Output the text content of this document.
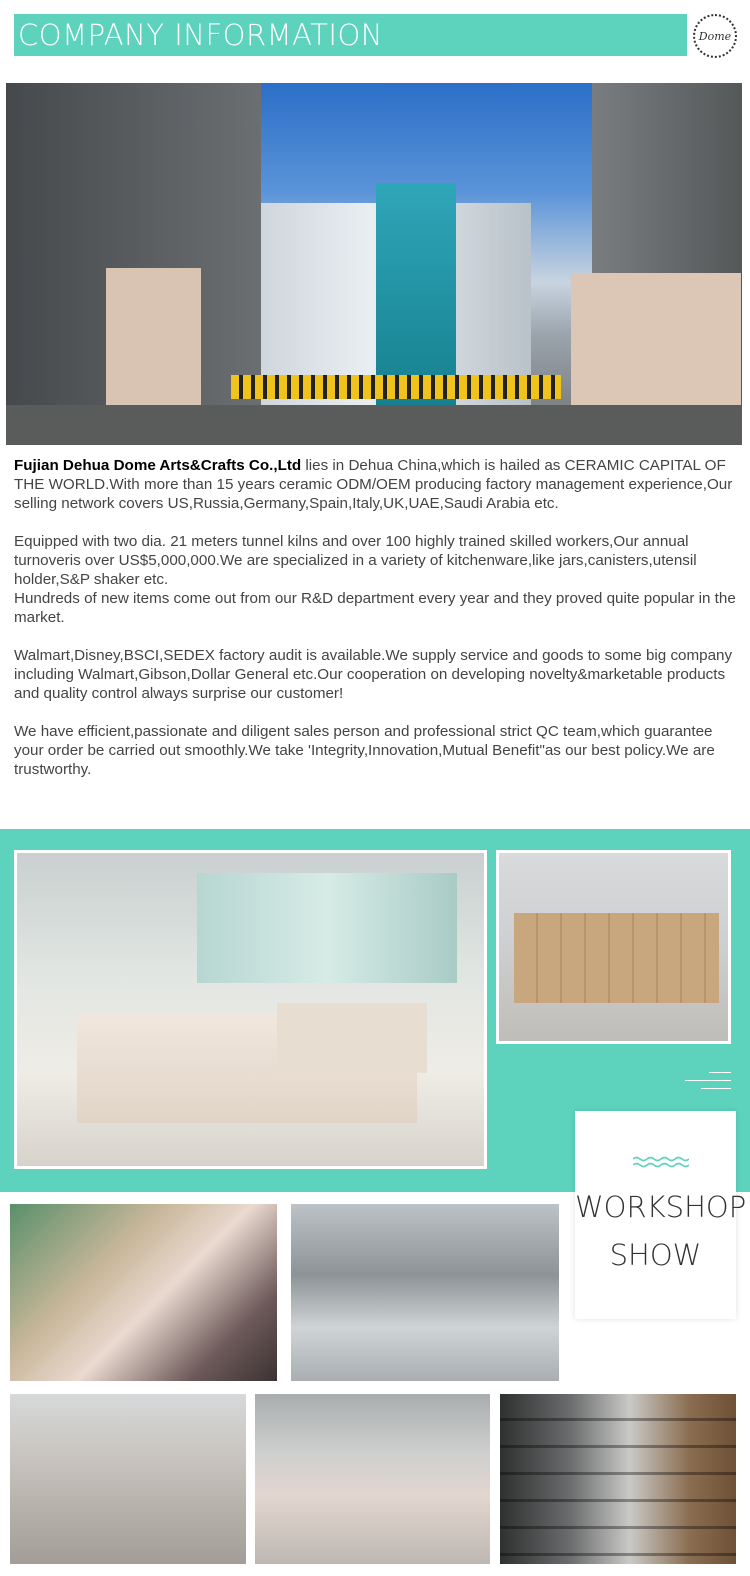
COMPANY INFORMATION	Dome

Fujian Dehua Dome Arts&Crafts Co.,Ltd lies in Dehua China,which is hailed as CERAMIC CAPITAL OF THE WORLD.With more than 15 years ceramic ODM/OEM producing factory management experience,Our selling network covers US,Russia,Germany,Spain,Italy,UK,UAE,Saudi Arabia etc.

Equipped with two dia. 21 meters tunnel kilns and over 100 highly trained skilled workers,Our annual turnoveris over US$5,000,000.We are specialized in a variety of kitchenware,like jars,canisters,utensil holder,S&P shaker etc.

Hundreds of new items come out from our R&D department every year and they proved quite popular in the market.

Walmart,Disney,BSCI,SEDEX factory audit is available.We supply service and goods to some big company including Walmart,Gibson,Dollar General etc.Our cooperation on developing novelty&marketable products and quality control always surprise our customer!

We have efficient,passionate and diligent sales person and professional strict QC team,which guarantee your order be carried out smoothly.We take 'Integrity,Innovation,Mutual Benefit"as our best policy.We are trustworthy.

WORKSHOP
SHOW
